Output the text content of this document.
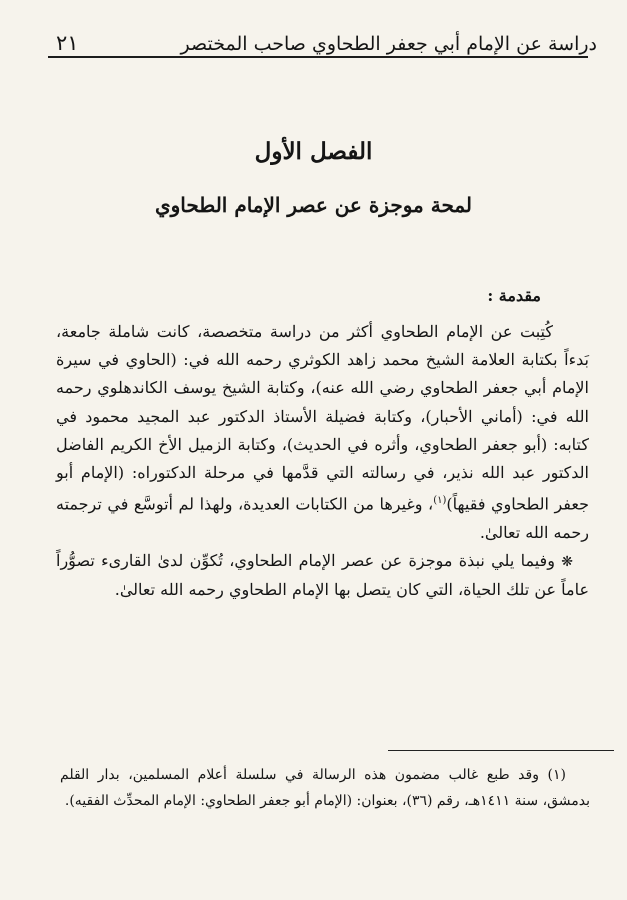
دراسة عن الإمام أبي جعفر الطحاوي صاحب المختصر
٢١
الفصل الأول
لمحة موجزة عن عصر الإمام الطحاوي
مقدمة :

كُتِبت عن الإمام الطحاوي أكثر من دراسة متخصصة، كانت شاملة جامعة، بَدءاً بكتابة العلامة الشيخ محمد زاهد الكوثري رحمه الله في: (الحاوي في سيرة الإمام أبي جعفر الطحاوي رضي الله عنه)، وكتابة الشيخ يوسف الكاندهلوي رحمه الله في: (أماني الأحبار)، وكتابة فضيلة الأستاذ الدكتور عبد المجيد محمود في كتابه: (أبو جعفر الطحاوي، وأثره في الحديث)، وكتابة الزميل الأخ الكريم الفاضل الدكتور عبد الله نذير، في رسالته التي قدَّمها في مرحلة الدكتوراه: (الإمام أبو جعفر الطحاوي فقيهاً)$^{(١)}$، وغيرها من الكتابات العديدة، ولهذا لم أتوسَّع في ترجمته رحمه الله تعالىٰ.

❋ وفيما يلي نبذة موجزة عن عصر الإمام الطحاوي، تُكوِّن لدىٰ القارىء تصوُّراً عاماً عن تلك الحياة، التي كان يتصل بها الإمام الطحاوي رحمه الله تعالىٰ.

(١) وقد طبع غالب مضمون هذه الرسالة في سلسلة أعلام المسلمين، بدار القلم بدمشق، سنة ١٤١١هـ، رقم (٣٦)، بعنوان: (الإمام أبو جعفر الطحاوي: الإمام المحدِّث الفقيه).
